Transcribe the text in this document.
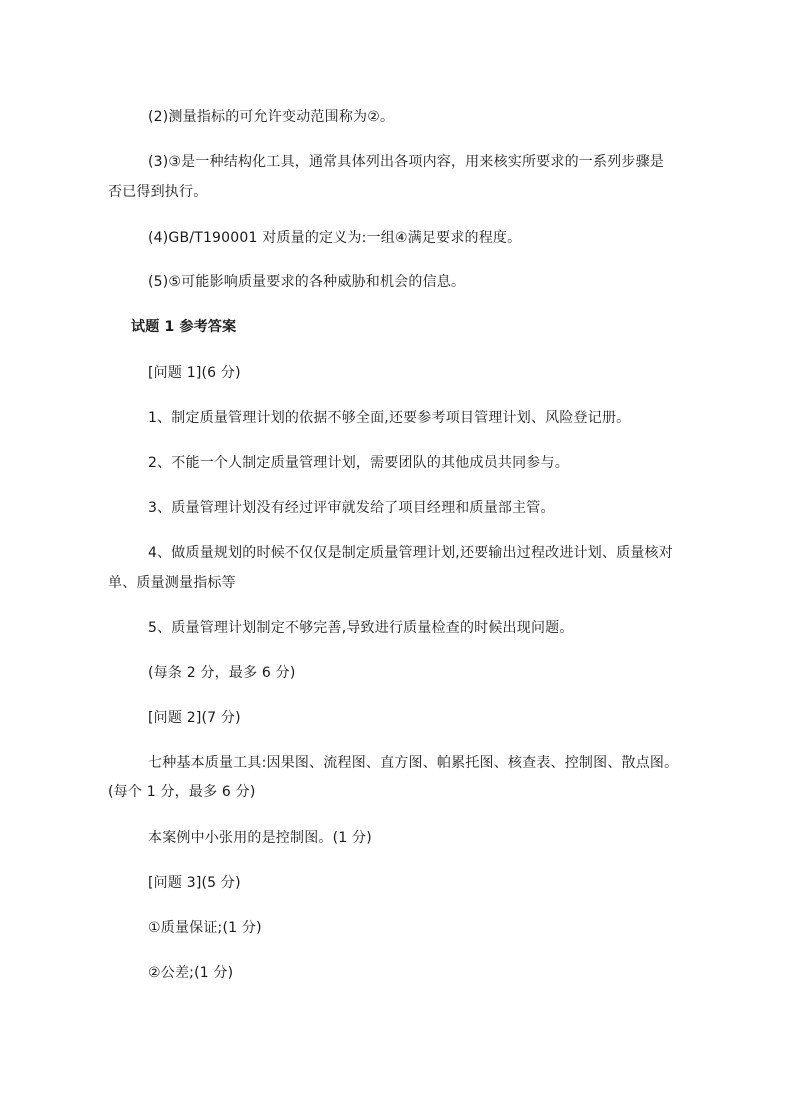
(2)测量指标的可允许变动范围称为②。
(3)③是一种结构化工具，通常具体列出各项内容，用来核实所要求的一系列步骤是
否已得到执行。
(4)GB/T190001 对质量的定义为:一组④满足要求的程度。
(5)⑤可能影响质量要求的各种威胁和机会的信息。
试题 1 参考答案
[问题 1](6 分)
1、制定质量管理计划的依据不够全面,还要参考项目管理计划、风险登记册。
2、不能一个人制定质量管理计划，需要团队的其他成员共同参与。
3、质量管理计划没有经过评审就发给了项目经理和质量部主管。
4、做质量规划的时候不仅仅是制定质量管理计划,还要输出过程改进计划、质量核对
单、质量测量指标等
5、质量管理计划制定不够完善,导致进行质量检查的时候出现问题。
(每条 2 分，最多 6 分)
[问题 2](7 分)
七种基本质量工具:因果图、流程图、直方图、帕累托图、核查表、控制图、散点图。
(每个 1 分，最多 6 分)
本案例中小张用的是控制图。(1 分)
[问题 3](5 分)
①质量保证;(1 分)
②公差;(1 分)
